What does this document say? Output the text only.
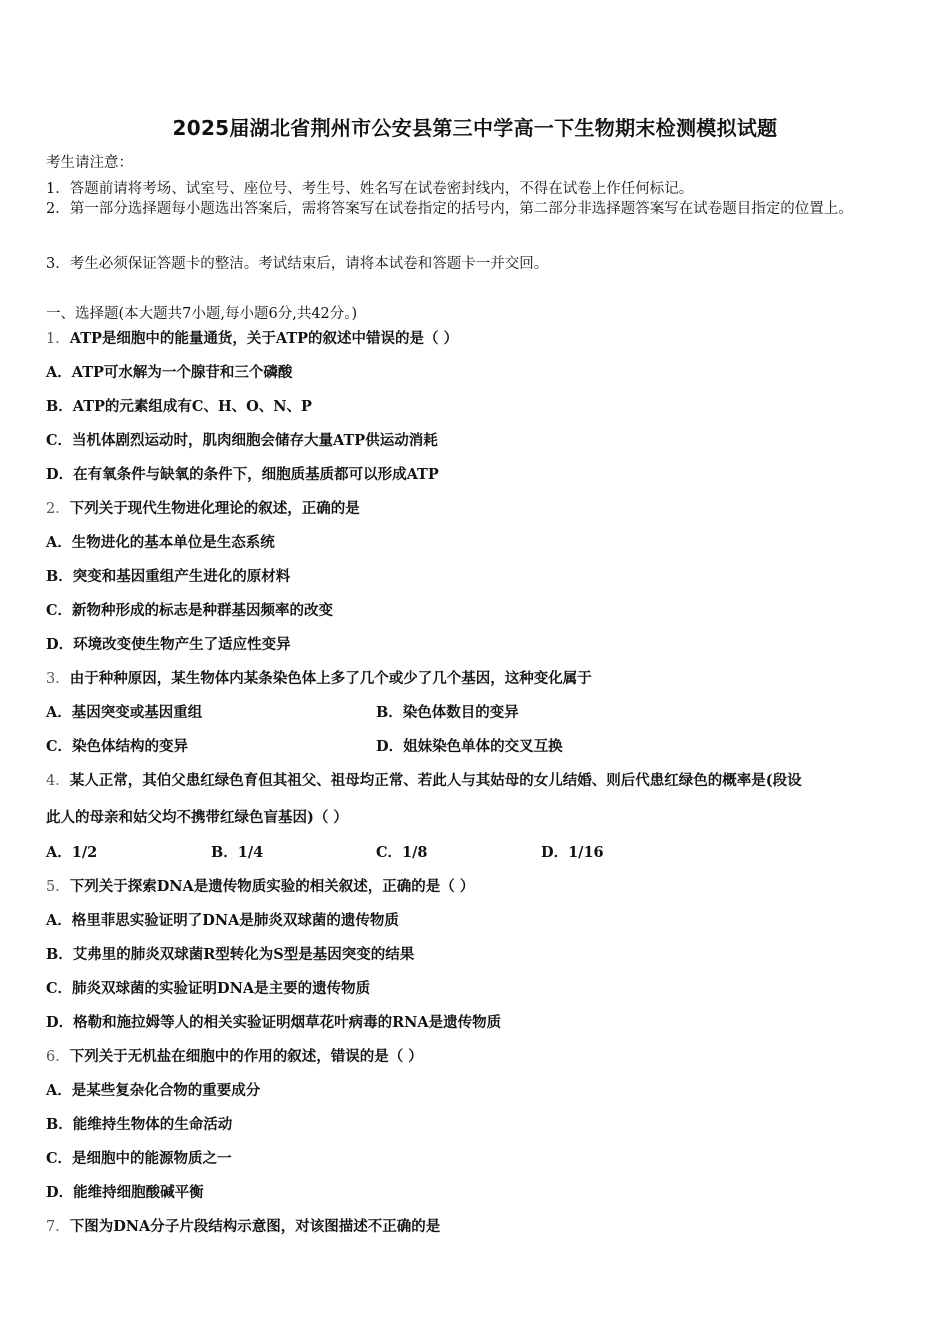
2025届湖北省荆州市公安县第三中学高一下生物期末检测模拟试题
考生请注意：
1．答题前请将考场、试室号、座位号、考生号、姓名写在试卷密封线内，不得在试卷上作任何标记。
2．第一部分选择题每小题选出答案后，需将答案写在试卷指定的括号内，第二部分非选择题答案写在试卷题目指定的位置上。
3．考生必须保证答题卡的整洁。考试结束后，请将本试卷和答题卡一并交回。
一、选择题(本大题共7小题,每小题6分,共42分。)
1．ATP是细胞中的能量通货，关于ATP的叙述中错误的是（ ）
A．ATP可水解为一个腺苷和三个磷酸
B．ATP的元素组成有C、H、O、N、P
C．当机体剧烈运动时，肌肉细胞会储存大量ATP供运动消耗
D．在有氧条件与缺氧的条件下，细胞质基质都可以形成ATP
2．下列关于现代生物进化理论的叙述，正确的是
A．生物进化的基本单位是生态系统
B．突变和基因重组产生进化的原材料
C．新物种形成的标志是种群基因频率的改变
D．环境改变使生物产生了适应性变异
3．由于种种原因，某生物体内某条染色体上多了几个或少了几个基因，这种变化属于
A．基因突变或基因重组	B．染色体数目的变异
C．染色体结构的变异	D．姐妹染色单体的交叉互换
4．某人正常，其伯父患红绿色育但其祖父、祖母均正常、若此人与其姑母的女儿结婚、则后代患红绿色的概率是(段设
此人的母亲和姑父均不携带红绿色盲基因)（ ）
A．1/2	B．1/4	C．1/8	D．1/16
5．下列关于探索DNA是遗传物质实验的相关叙述，正确的是（ ）
A．格里菲思实验证明了DNA是肺炎双球菌的遗传物质
B．艾弗里的肺炎双球菌R型转化为S型是基因突变的结果
C．肺炎双球菌的实验证明DNA是主要的遗传物质
D．格勒和施拉姆等人的相关实验证明烟草花叶病毒的RNA是遗传物质
6．下列关于无机盐在细胞中的作用的叙述，错误的是（ ）
A．是某些复杂化合物的重要成分
B．能维持生物体的生命活动
C．是细胞中的能源物质之一
D．能维持细胞酸碱平衡
7．下图为DNA分子片段结构示意图，对该图描述不正确的是
